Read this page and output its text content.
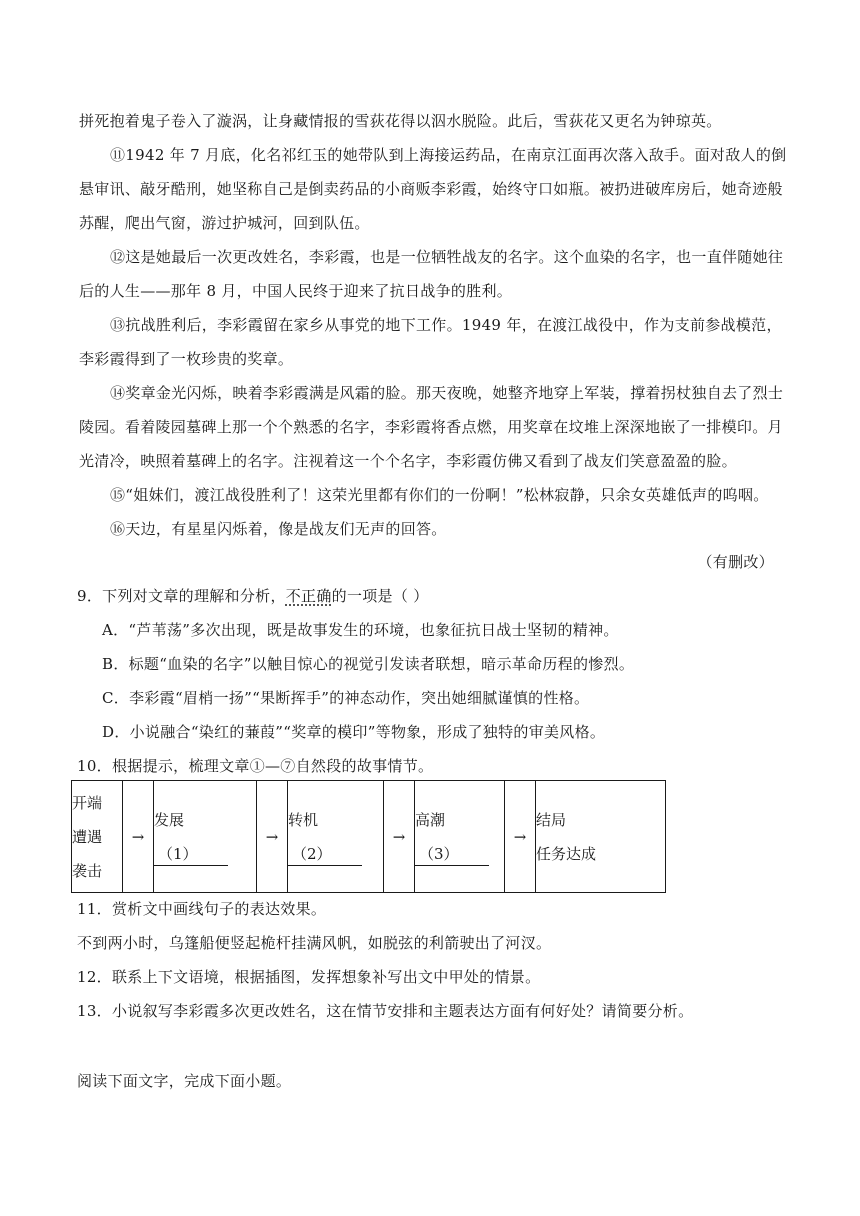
拼死抱着鬼子卷入了漩涡，让身藏情报的雪荻花得以泅水脱险。此后，雪荻花又更名为钟琼英。
⑪1942 年 7 月底，化名祁红玉的她带队到上海接运药品，在南京江面再次落入敌手。面对敌人的倒
悬审讯、敲牙酷刑，她坚称自己是倒卖药品的小商贩李彩霞，始终守口如瓶。被扔进破库房后，她奇迹般
苏醒，爬出气窗，游过护城河，回到队伍。
⑫这是她最后一次更改姓名，李彩霞，也是一位牺牲战友的名字。这个血染的名字，也一直伴随她往
后的人生——那年 8 月，中国人民终于迎来了抗日战争的胜利。
⑬抗战胜利后，李彩霞留在家乡从事党的地下工作。1949 年，在渡江战役中，作为支前参战模范，
李彩霞得到了一枚珍贵的奖章。
⑭奖章金光闪烁，映着李彩霞满是风霜的脸。那天夜晚，她整齐地穿上军装，撑着拐杖独自去了烈士
陵园。看着陵园墓碑上那一个个熟悉的名字，李彩霞将香点燃，用奖章在坟堆上深深地嵌了一排模印。月
光清冷，映照着墓碑上的名字。注视着这一个个名字，李彩霞仿佛又看到了战友们笑意盈盈的脸。
⑮“姐妹们，渡江战役胜利了！这荣光里都有你们的一份啊！”松林寂静，只余女英雄低声的呜咽。
⑯天边，有星星闪烁着，像是战友们无声的回答。
（有删改）
9．下列对文章的理解和分析，不正确的一项是（ ）
A．“芦苇荡”多次出现，既是故事发生的环境，也象征抗日战士坚韧的精神。
B．标题“血染的名字”以触目惊心的视觉引发读者联想，暗示革命历程的惨烈。
C．李彩霞“眉梢一扬”“果断挥手”的神态动作，突出她细腻谨慎的性格。
D．小说融合“染红的蒹葭”“奖章的模印”等物象，形成了独特的审美风格。
10．根据提示，梳理文章①—⑦自然段的故事情节。
开端
遭遇
袭击
	→	
发展
（1）
	→	
转机
（2）
	→	
高潮
（3）
	→	
结局
任务达成
11．赏析文中画线句子的表达效果。
不到两小时，乌篷船便竖起桅杆挂满风帆，如脱弦的利箭驶出了河汊。
12．联系上下文语境，根据插图，发挥想象补写出文中甲处的情景。
13．小说叙写李彩霞多次更改姓名，这在情节安排和主题表达方面有何好处？请简要分析。
阅读下面文字，完成下面小题。
